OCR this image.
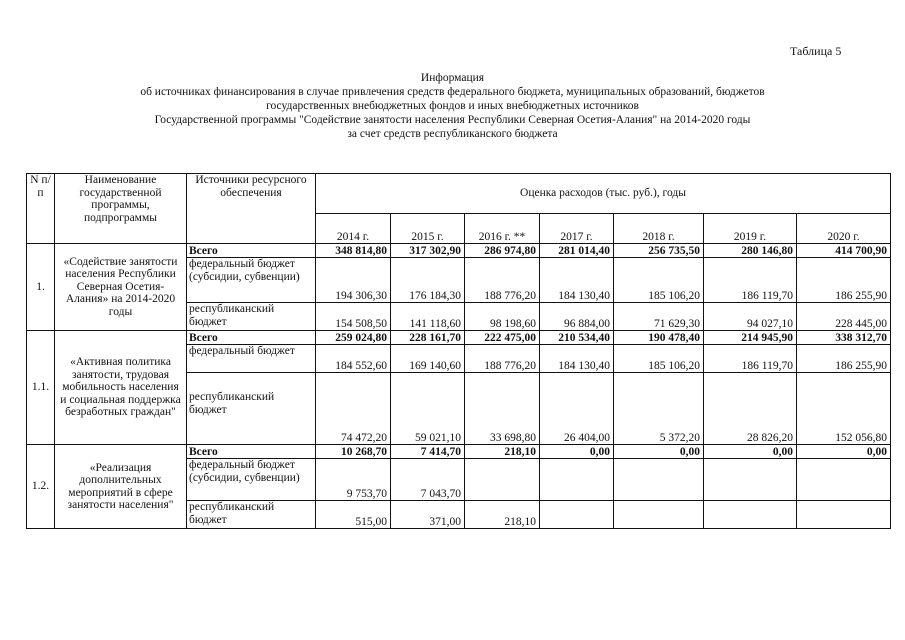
Таблица 5
Информация
об источниках финансирования в случае привлечения средств федерального бюджета, муниципальных образований, бюджетов
государственных внебюджетных фондов и иных внебюджетных источников
Государственной программы "Содействие занятости населения Республики Северная Осетия-Алания" на 2014-2020 годы
за счет средств республиканского бюджета
N п/п	Наименование государственной программы, подпрограммы	Источники ресурсного обеспечения	Оценка расходов (тыс. руб.), годы						
			2014 г.	2015 г.	2016 г. **	2017 г.	2018 г.	2019 г.	2020 г.
1.	«Содействие занятости населения Республики Северная Осетия-Алания» на 2014-2020 годы	Всего	348 814,80	317 302,90	286 974,80	281 014,40	256 735,50	280 146,80	414 700,90
		федеральный бюджет (субсидии, субвенции)	194 306,30	176 184,30	188 776,20	184 130,40	185 106,20	186 119,70	186 255,90
		республиканский бюджет	154 508,50	141 118,60	98 198,60	96 884,00	71 629,30	94 027,10	228 445,00
1.1.	«Активная политика занятости, трудовая мобильность населения и социальная поддержка безработных граждан"	Всего	259 024,80	228 161,70	222 475,00	210 534,40	190 478,40	214 945,90	338 312,70
		федеральный бюджет	184 552,60	169 140,60	188 776,20	184 130,40	185 106,20	186 119,70	186 255,90
		республиканский бюджет	74 472,20	59 021,10	33 698,80	26 404,00	5 372,20	28 826,20	152 056,80
1.2.	«Реализация дополнительных мероприятий в сфере занятости населения"	Всего	10 268,70	7 414,70	218,10	0,00	0,00	0,00	0,00
		федеральный бюджет (субсидии, субвенции)	9 753,70	7 043,70					
		республиканский бюджет	515,00	371,00	218,10				
